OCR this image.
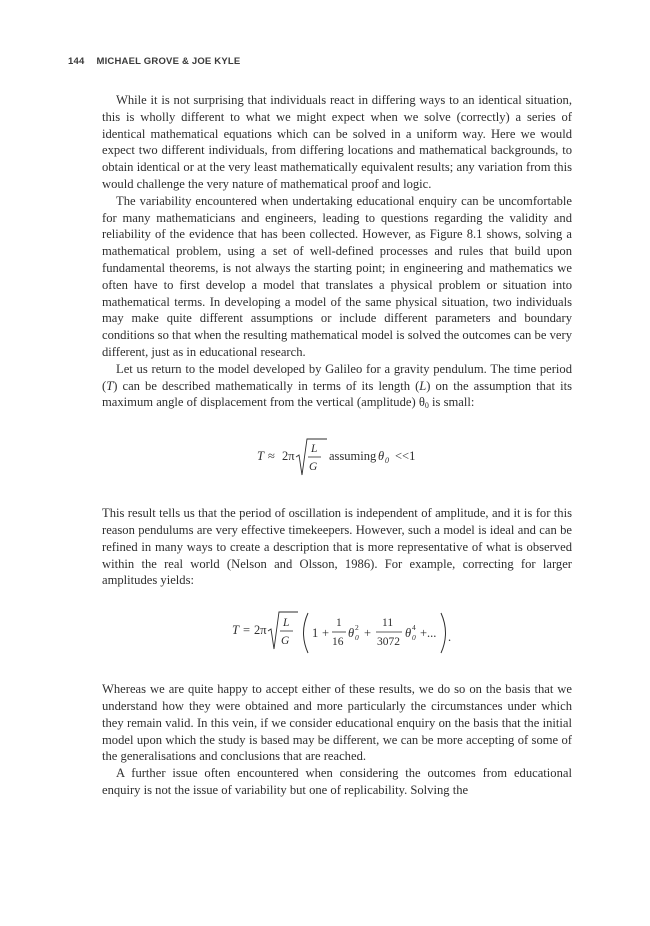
144 MICHAEL GROVE & JOE KYLE

While it is not surprising that individuals react in differing ways to an identical situation, this is wholly different to what we might expect when we solve (correctly) a series of identical mathematical equations which can be solved in a uniform way. Here we would expect two different individuals, from differing locations and mathematical backgrounds, to obtain identical or at the very least mathematically equivalent results; any variation from this would challenge the very nature of mathematical proof and logic.

The variability encountered when undertaking educational enquiry can be uncomfortable for many mathematicians and engineers, leading to questions regarding the validity and reliability of the evidence that has been collected. However, as Figure 8.1 shows, solving a mathematical problem, using a set of well-defined processes and rules that build upon fundamental theorems, is not always the starting point; in engineering and mathematics we often have to first develop a model that translates a physical problem or situation into mathematical terms. In developing a model of the same physical situation, two individuals may make quite different assumptions or include different parameters and boundary conditions so that when the resulting mathematical model is solved the outcomes can be very different, just as in educational research.

Let us return to the model developed by Galileo for a gravity pendulum. The time period (T) can be described mathematically in terms of its length (L) on the assumption that its maximum angle of displacement from the vertical (amplitude) $\theta_0$ is small:

T ≈ 2π L
G
assuming θ 0 <<1

This result tells us that the period of oscillation is independent of amplitude, and it is for this reason pendulums are very effective timekeepers. However, such a model is ideal and can be refined in many ways to create a description that is more representative of what is observed within the real world (Nelson and Olsson, 1986). For example, correcting for larger amplitudes yields:

T = 2π L
G
1 +
1
16
θ 0
2 +
11
3072
θ 0
4 +... .

Whereas we are quite happy to accept either of these results, we do so on the basis that we understand how they were obtained and more particularly the circumstances under which they remain valid. In this vein, if we consider educational enquiry on the basis that the initial model upon which the study is based may be different, we can be more accepting of some of the generalisations and conclusions that are reached.

A further issue often encountered when considering the outcomes from educational enquiry is not the issue of variability but one of replicability. Solving the
